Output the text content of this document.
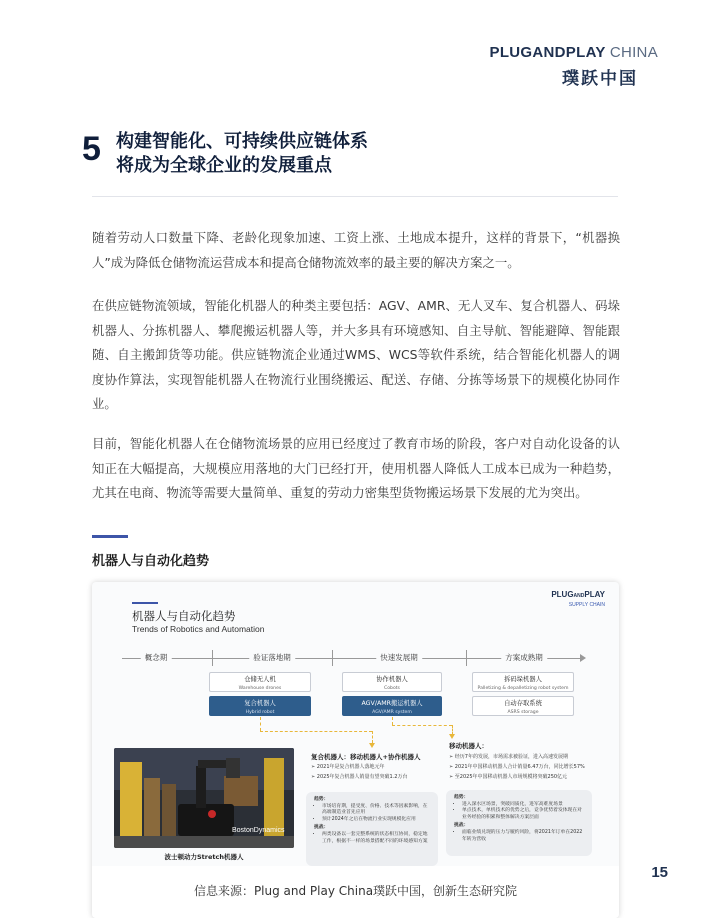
PLUGANDPLAY CHINA
璞跃中国
5 构建智能化、可持续供应链体系
将成为全球企业的发展重点

随着劳动人口数量下降、老龄化现象加速、工资上涨、土地成本提升，这样的背景下，“机器换人”成为降低仓储物流运营成本和提高仓储物流效率的最主要的解决方案之一。

在供应链物流领域，智能化机器人的种类主要包括：AGV、AMR、无人叉车、复合机器人、码垛机器人、分拣机器人、攀爬搬运机器人等，并大多具有环境感知、自主导航、智能避障、智能跟随、自主搬卸货等功能。供应链物流企业通过WMS、WCS等软件系统，结合智能化机器人的调度协作算法，实现智能机器人在物流行业围绕搬运、配送、存储、分拣等场景下的规模化协同作业。

目前，智能化机器人在仓储物流场景的应用已经度过了教育市场的阶段，客户对自动化设备的认知正在大幅提高，大规模应用落地的大门已经打开，使用机器人降低人工成本已成为一种趋势，尤其在电商、物流等需要大量简单、重复的劳动力密集型货物搬运场景下发展的尤为突出。

机器人与自动化趋势
PLUGANDPLAY
SUPPLY CHAIN
机器人与自动化趋势
Trends of Robotics and Automation
概念期	验证落地期	快速发展期	方案成熟期
仓储无人机
Warehouse drones
复合机器人
Hybrid robot
协作机器人
Cobots
AGV/AMR搬运机器人
AGV/AMR system
拆码垛机器人
Palletizing & depalletizing robot system
自动存取系统
ASRS storage
BostonDynamics
波士顿动力Stretch机器人
复合机器人：移动机器人+协作机器人
➢ 2021年是复合机器人落地元年
➢ 2025年复合机器人销量有望突破1.2万台
趋势：
• 市场培育期，提受度、价格、技术等因素影响，在高端制造业首先应用
• 预计2024年之后在物流行业实现规模化应用
挑战：
• 两类设备以一套完整系统的状态相互协同，稳定地工作，根据不一样的场景搭配不同的环境感知方案
移动机器人：
➢ 经历7年的发展，市场需求被验证，进入高速发展期
➢ 2021年中国移动机器人合计销量6.47万台，同比增长57%
➢ 至2025年中国移动机器人市场规模将突破250亿元
趋势：
• 进入深水区场景，突破同质化，进军高难度场景
• 单点技术，单机技术的优势之后，竞争优势着发体现在对业务经验的积累和整体解决方案层面
挑战：
• 面临业绩兑现的压力与履约风险，将2021年订单在2022年转为营收
信息来源：Plug and Play China璞跃中国，创新生态研究院
15
